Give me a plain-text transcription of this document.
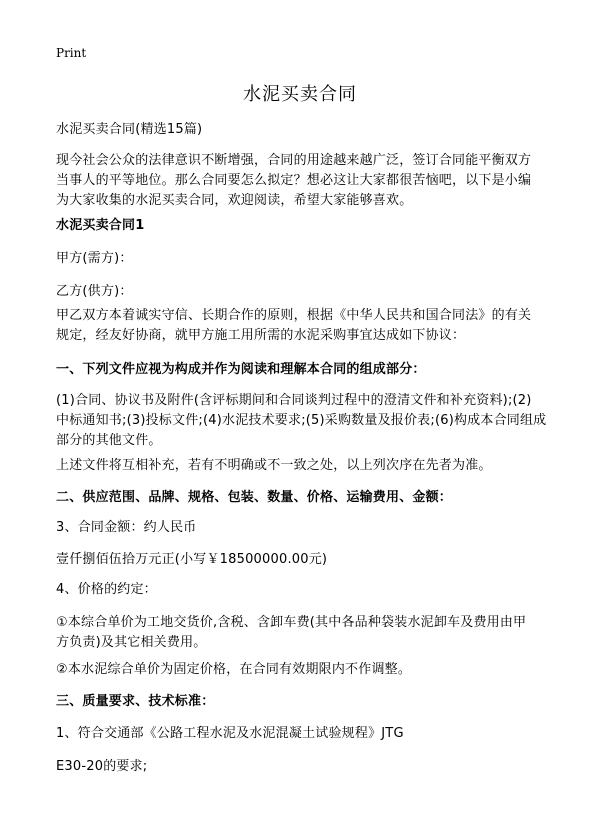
Print
水泥买卖合同
水泥买卖合同(精选15篇)
现今社会公众的法律意识不断增强，合同的用途越来越广泛，签订合同能平衡双方
当事人的平等地位。那么合同要怎么拟定？想必这让大家都很苦恼吧，以下是小编
为大家收集的水泥买卖合同，欢迎阅读，希望大家能够喜欢。
水泥买卖合同1
甲方(需方)：
乙方(供方)：
甲乙双方本着诚实守信、长期合作的原则，根据《中华人民共和国合同法》的有关
规定，经友好协商，就甲方施工用所需的水泥采购事宜达成如下协议：
一、下列文件应视为构成并作为阅读和理解本合同的组成部分：
(1)合同、协议书及附件(含评标期间和合同谈判过程中的澄清文件和补充资料);(2)
中标通知书;(3)投标文件;(4)水泥技术要求;(5)采购数量及报价表;(6)构成本合同组成
部分的其他文件。
上述文件将互相补充，若有不明确或不一致之处，以上列次序在先者为准。
二、供应范围、品牌、规格、包装、数量、价格、运输费用、金额：
3、合同金额：约人民币
壹仟捌佰伍拾万元正(小写￥18500000.00元)
4、价格的约定：
①本综合单价为工地交货价,含税、含卸车费(其中各品种袋装水泥卸车及费用由甲
方负责)及其它相关费用。
②本水泥综合单价为固定价格，在合同有效期限内不作调整。
三、质量要求、技术标准：
1、符合交通部《公路工程水泥及水泥混凝土试验规程》JTG
E30-20的要求;
